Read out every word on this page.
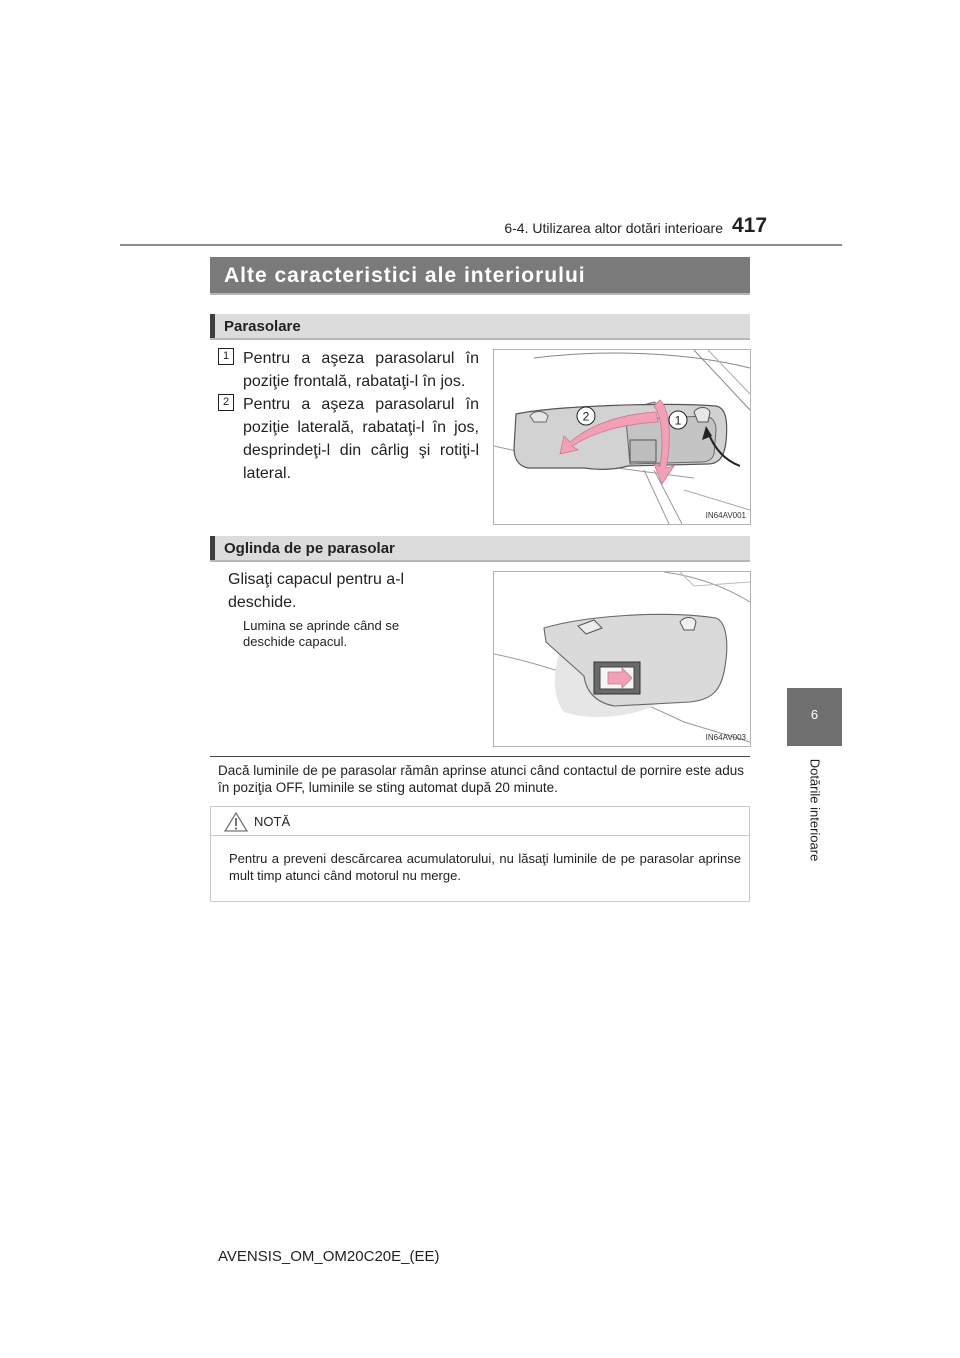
6-4. Utilizarea altor dotări interioare 417
6
Dotările interioare
Alte caracteristici ale interiorului
Parasolare
1 Pentru a aşeza parasolarul în poziţie frontală, rabataţi-l în jos.
2 Pentru a aşeza parasolarul în poziţie laterală, rabataţi-l în jos, desprindeţi-l din cârlig şi rotiţi-l lateral.
2	1
IN64AV001
Oglinda de pe parasolar
Glisaţi capacul pentru a-l deschide.
Lumina se aprinde când se deschide capacul.
IN64AV003
Dacă luminile de pe parasolar rămân aprinse atunci când contactul de pornire este adus în poziţia OFF, luminile se sting automat după 20 minute.
NOTĂ
Pentru a preveni descărcarea acumulatorului, nu lăsaţi luminile de pe parasolar aprinse mult timp atunci când motorul nu merge.
AVENSIS_OM_OM20C20E_(EE)
